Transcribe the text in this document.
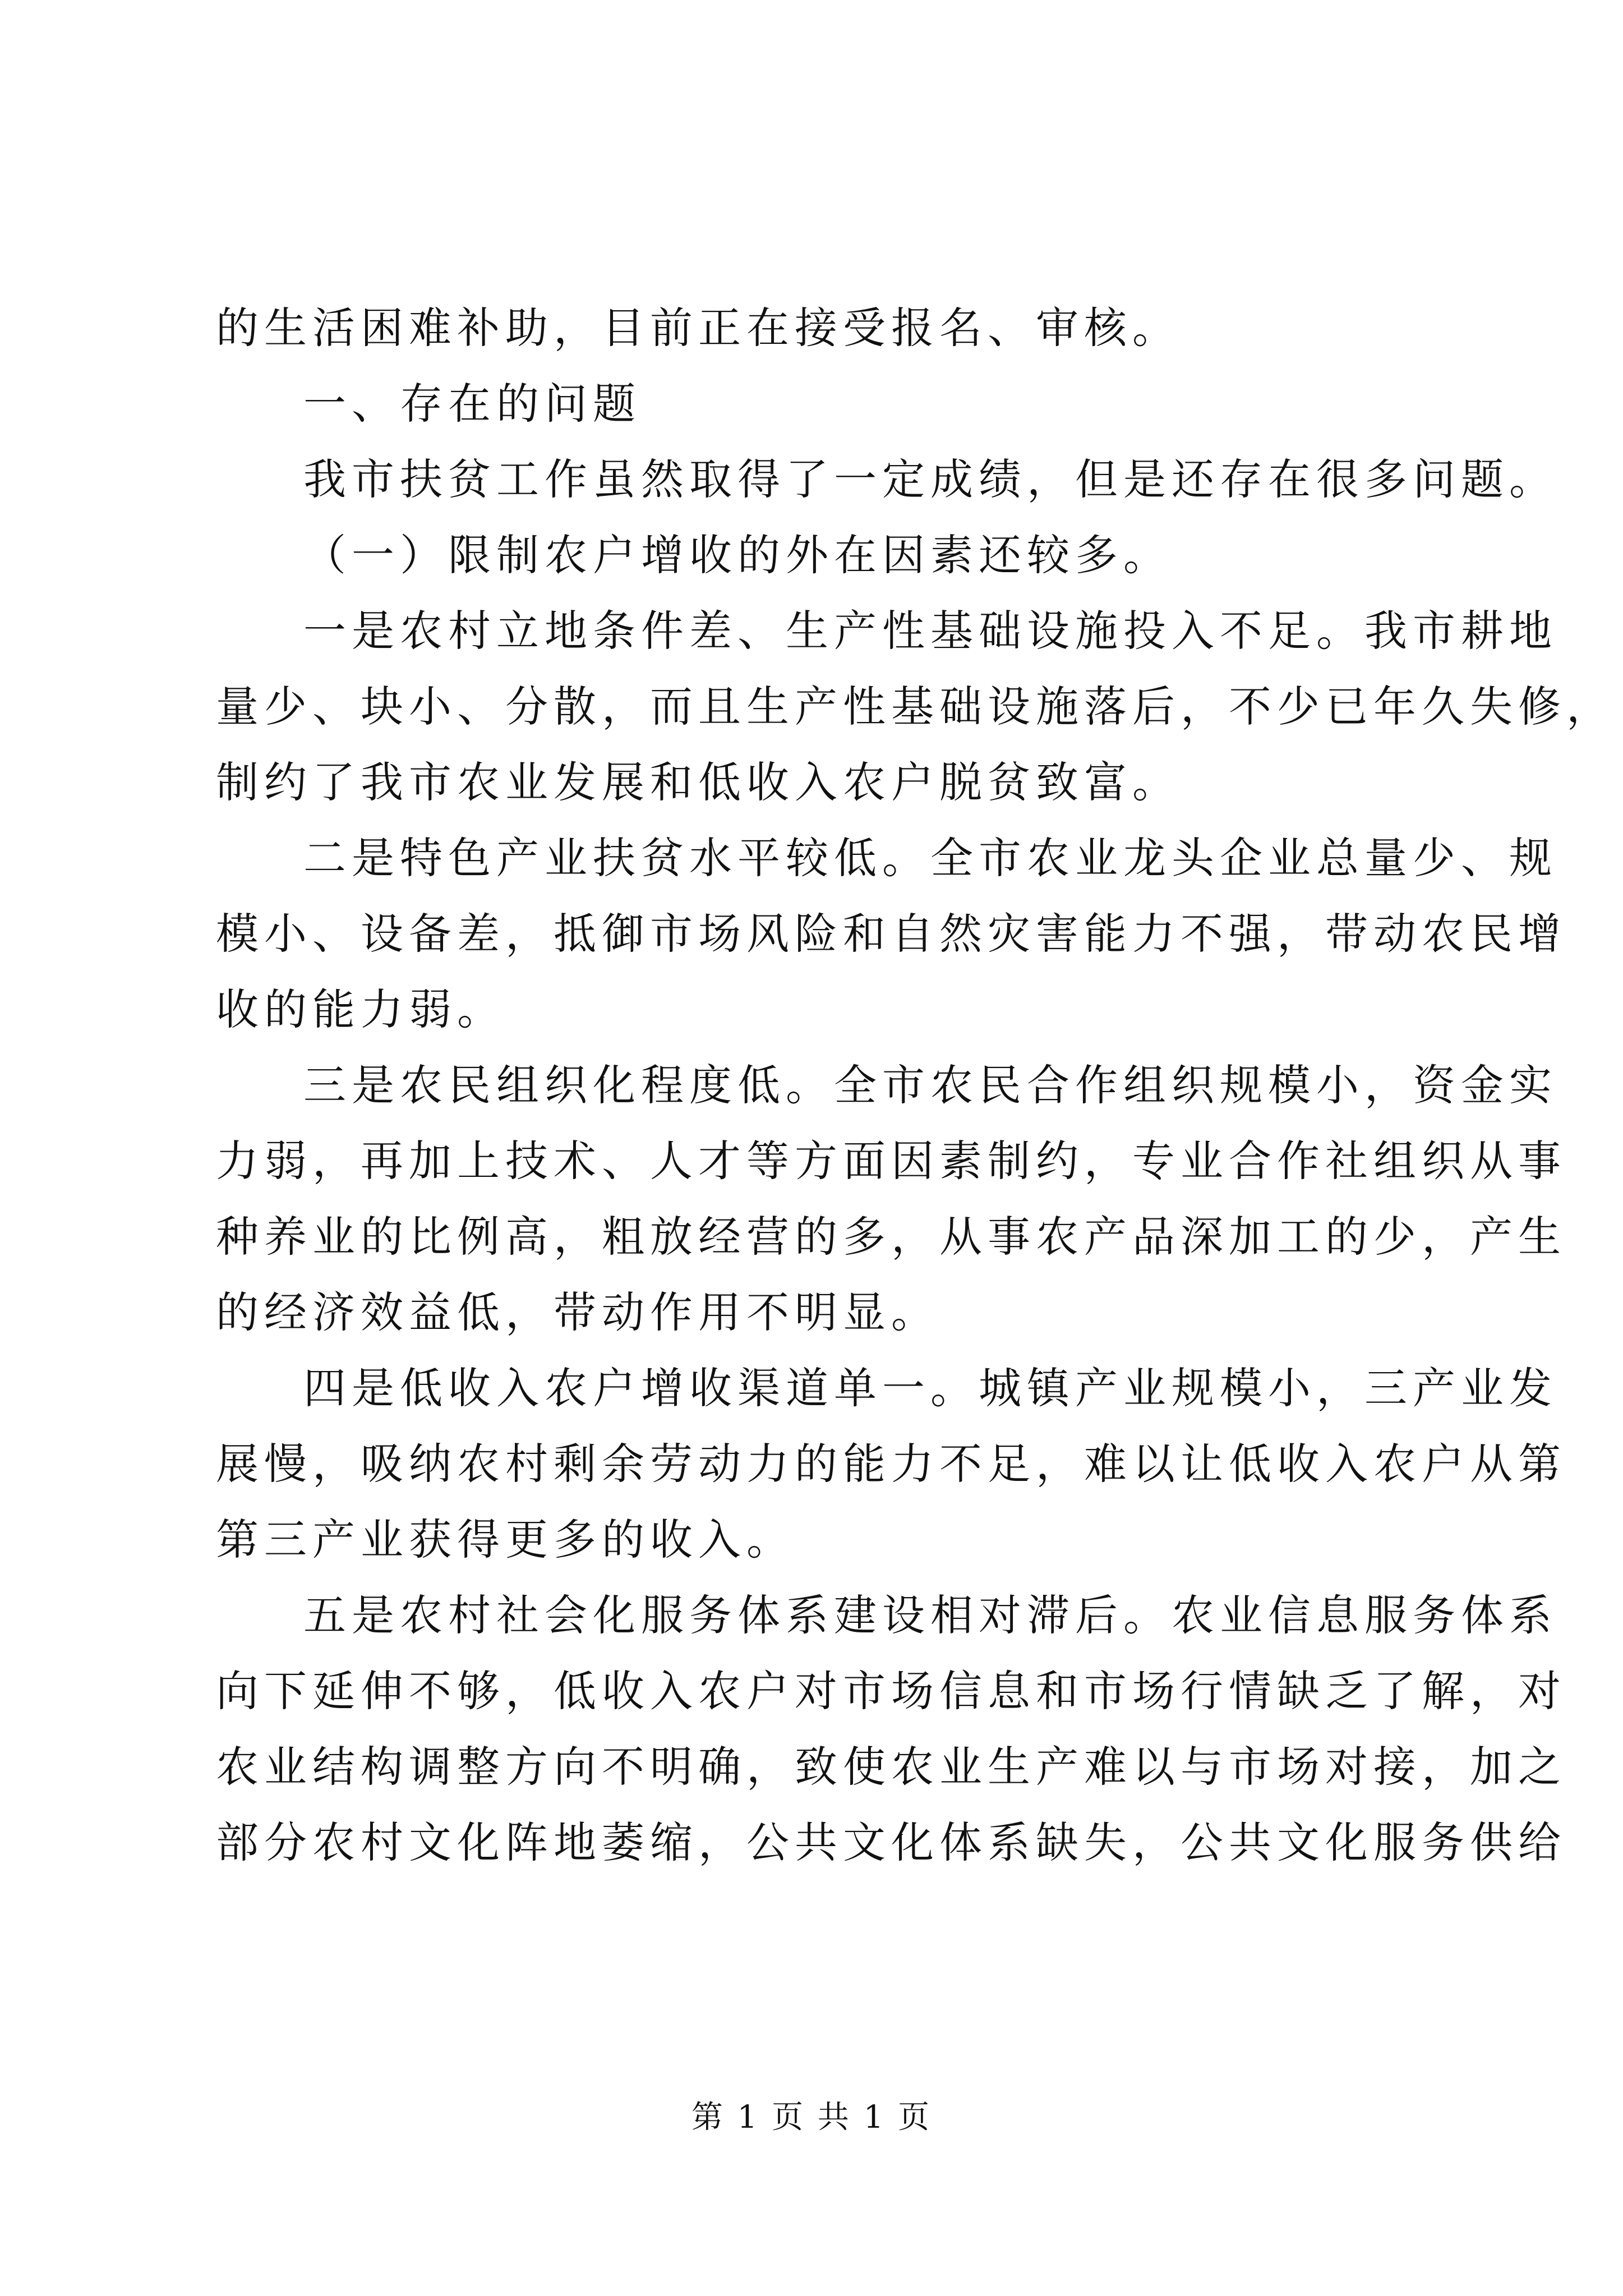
的生活困难补助，目前正在接受报名、审核。
一、存在的问题
我市扶贫工作虽然取得了一定成绩，但是还存在很多问题。
（一）限制农户增收的外在因素还较多。
一是农村立地条件差、生产性基础设施投入不足。我市耕地
量少、块小、分散，而且生产性基础设施落后，不少已年久失修，
制约了我市农业发展和低收入农户脱贫致富。
二是特色产业扶贫水平较低。全市农业龙头企业总量少、规
模小、设备差，抵御市场风险和自然灾害能力不强，带动农民增
收的能力弱。
三是农民组织化程度低。全市农民合作组织规模小，资金实
力弱，再加上技术、人才等方面因素制约，专业合作社组织从事
种养业的比例高，粗放经营的多，从事农产品深加工的少，产生
的经济效益低，带动作用不明显。
四是低收入农户增收渠道单一。城镇产业规模小，三产业发
展慢，吸纳农村剩余劳动力的能力不足，难以让低收入农户从第
第三产业获得更多的收入。
五是农村社会化服务体系建设相对滞后。农业信息服务体系
向下延伸不够，低收入农户对市场信息和市场行情缺乏了解，对
农业结构调整方向不明确，致使农业生产难以与市场对接，加之
部分农村文化阵地萎缩，公共文化体系缺失，公共文化服务供给
第 1 页 共 1 页
